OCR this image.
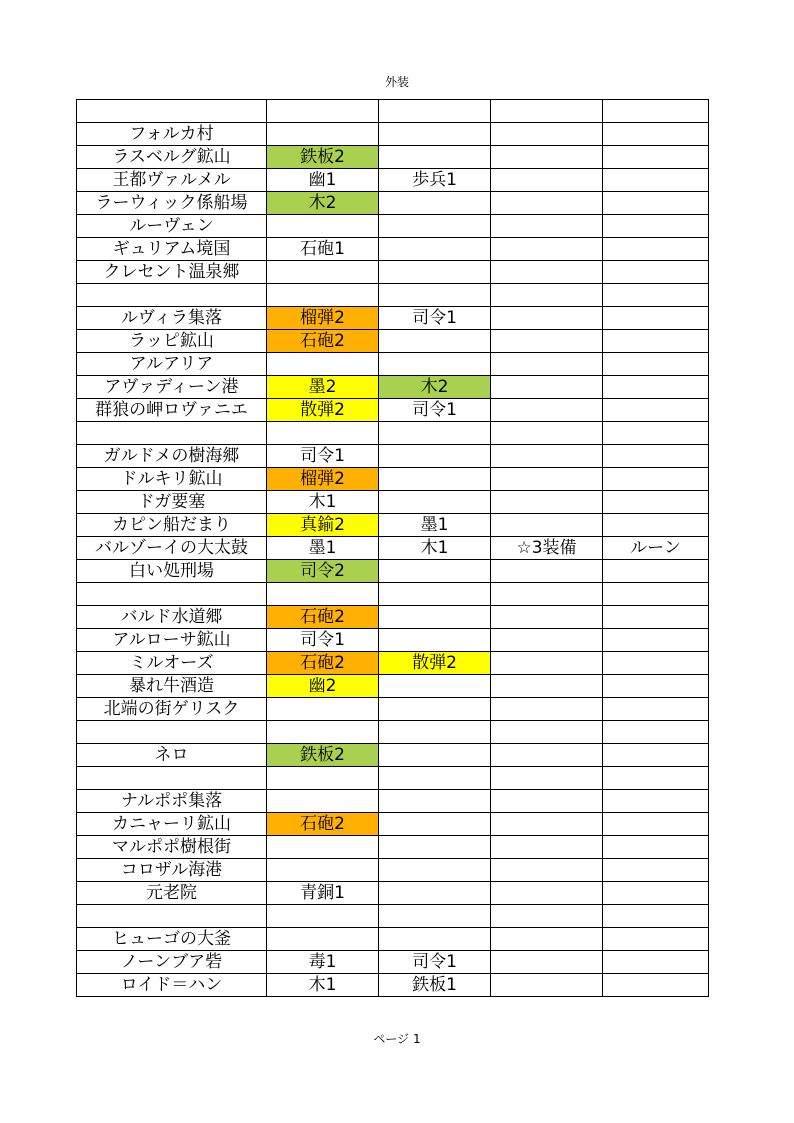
外装

フォルカ村				
ラスベルグ鉱山	鉄板2			
王都ヴァルメル	幽1	歩兵1		
ラーウィック係船場	木2			
ルーヴェン				
ギュリアム境国	石砲1			
クレセント温泉郷				

ルヴィラ集落	榴弾2	司令1		
ラッピ鉱山	石砲2			
アルアリア				
アヴァディーン港	墨2	木2		
群狼の岬ロヴァニエ	散弾2	司令1		

ガルドメの樹海郷	司令1			
ドルキリ鉱山	榴弾2			
ドガ要塞	木1			
カピン船だまり	真鍮2	墨1		
バルゾーイの大太鼓	墨1	木1	☆3装備	ルーン
白い処刑場	司令2			

バルド水道郷	石砲2			
アルローサ鉱山	司令1			
ミルオーズ	石砲2	散弾2		
暴れ牛酒造	幽2			
北端の街ゲリスク				

ネロ	鉄板2			

ナルポポ集落				
カニャーリ鉱山	石砲2			
マルポポ樹根街				
コロザル海港				
元老院	青銅1			

ヒューゴの大釜				
ノーンブア砦	毒1	司令1		
ロイド＝ハン	木1	鉄板1		
ページ 1
